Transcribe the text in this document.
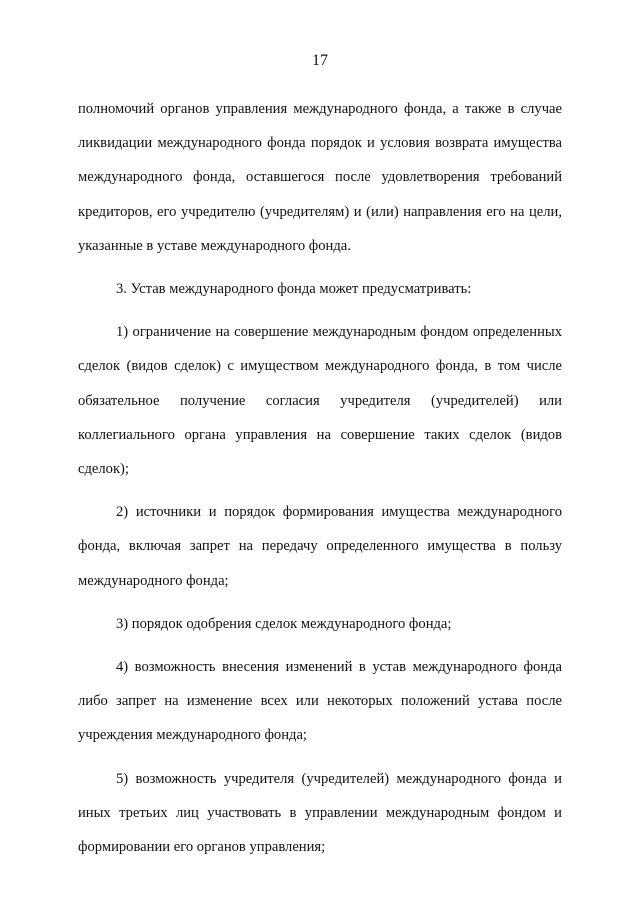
17

полномочий органов управления международного фонда, а также в случае ликвидации международного фонда порядок и условия возврата имущества международного фонда, оставшегося после удовлетворения требований кредиторов, его учредителю (учредителям) и (или) направления его на цели, указанные в уставе международного фонда.

3. Устав международного фонда может предусматривать:

1) ограничение на совершение международным фондом определенных сделок (видов сделок) с имуществом международного фонда, в том числе обязательное получение согласия учредителя (учредителей) или коллегиального органа управления на совершение таких сделок (видов сделок);

2) источники и порядок формирования имущества международного фонда, включая запрет на передачу определенного имущества в пользу международного фонда;

3) порядок одобрения сделок международного фонда;

4) возможность внесения изменений в устав международного фонда либо запрет на изменение всех или некоторых положений устава после учреждения международного фонда;

5) возможность учредителя (учредителей) международного фонда и иных третьих лиц участвовать в управлении международным фондом и формировании его органов управления;
